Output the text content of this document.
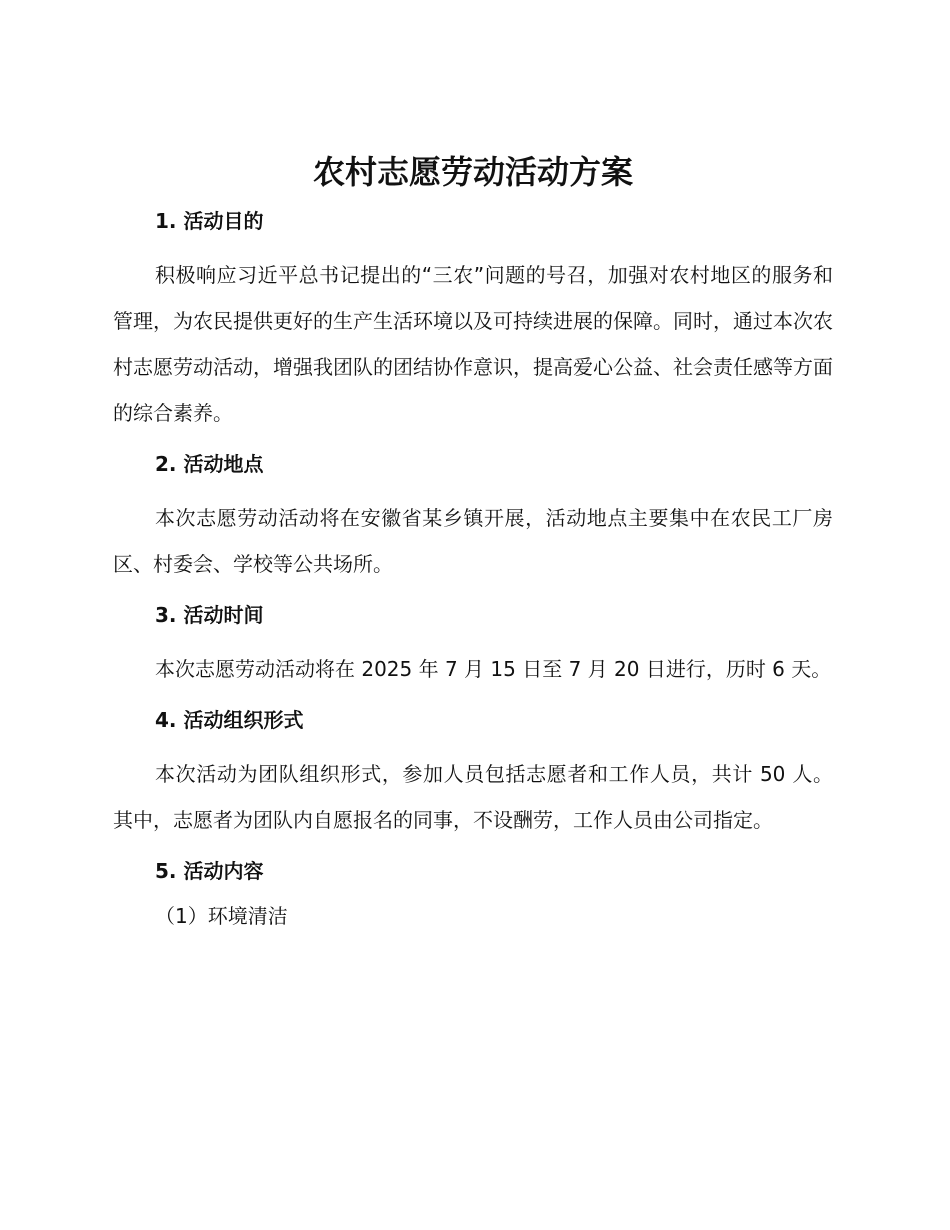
农村志愿劳动活动方案
1. 活动目的

积极响应习近平总书记提出的“三农”问题的号召，加强对农村地区的服务和管理，为农民提供更好的生产生活环境以及可持续进展的保障。同时，通过本次农村志愿劳动活动，增强我团队的团结协作意识，提高爱心公益、社会责任感等方面的综合素养。

2. 活动地点

本次志愿劳动活动将在安徽省某乡镇开展，活动地点主要集中在农民工厂房区、村委会、学校等公共场所。

3. 活动时间

本次志愿劳动活动将在 2025 年 7 月 15 日至 7 月 20 日进行，历时 6 天。

4. 活动组织形式

本次活动为团队组织形式，参加人员包括志愿者和工作人员，共计 50 人。其中，志愿者为团队内自愿报名的同事，不设酬劳，工作人员由公司指定。

5. 活动内容
（1）环境清洁
